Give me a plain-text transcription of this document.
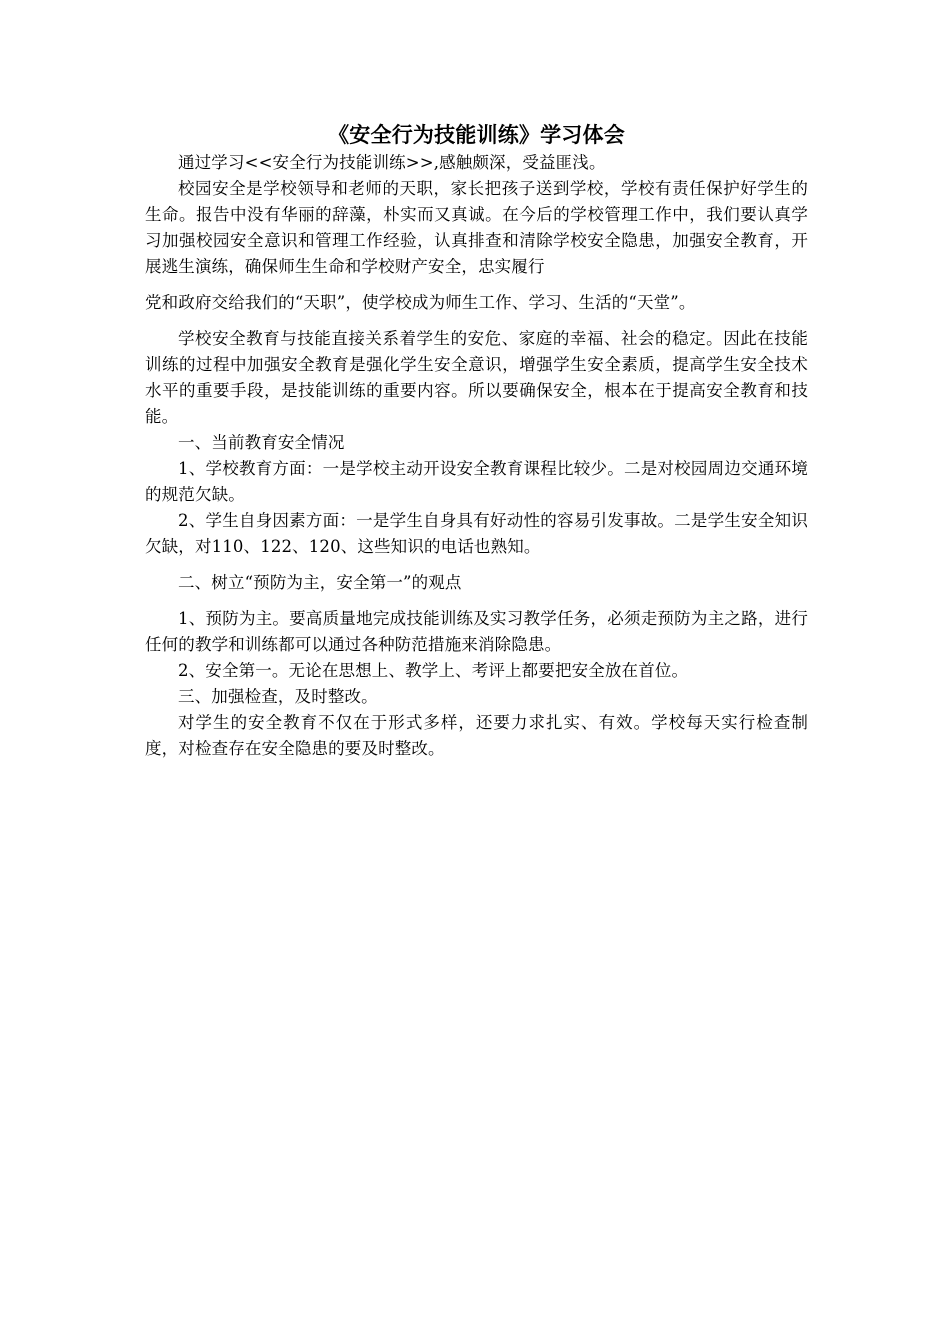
《安全行为技能训练》学习体会

通过学习<<安全行为技能训练>>,感触颇深，受益匪浅。

校园安全是学校领导和老师的天职，家长把孩子送到学校，学校有责任保护好学生的生命。报告中没有华丽的辞藻，朴实而又真诚。在今后的学校管理工作中，我们要认真学习加强校园安全意识和管理工作经验，认真排查和清除学校安全隐患，加强安全教育，开展逃生演练，确保师生生命和学校财产安全，忠实履行

党和政府交给我们的“天职”，使学校成为师生工作、学习、生活的“天堂”。

学校安全教育与技能直接关系着学生的安危、家庭的幸福、社会的稳定。因此在技能训练的过程中加强安全教育是强化学生安全意识，增强学生安全素质，提高学生安全技术水平的重要手段，是技能训练的重要内容。所以要确保安全，根本在于提高安全教育和技能。

一、当前教育安全情况

1、学校教育方面：一是学校主动开设安全教育课程比较少。二是对校园周边交通环境的规范欠缺。

2、学生自身因素方面：一是学生自身具有好动性的容易引发事故。二是学生安全知识欠缺，对110、122、120、这些知识的电话也熟知。

二、树立“预防为主，安全第一”的观点

1、预防为主。要高质量地完成技能训练及实习教学任务，必须走预防为主之路，进行任何的教学和训练都可以通过各种防范措施来消除隐患。

2、安全第一。无论在思想上、教学上、考评上都要把安全放在首位。

三、加强检查，及时整改。

对学生的安全教育不仅在于形式多样，还要力求扎实、有效。学校每天实行检查制度，对检查存在安全隐患的要及时整改。
